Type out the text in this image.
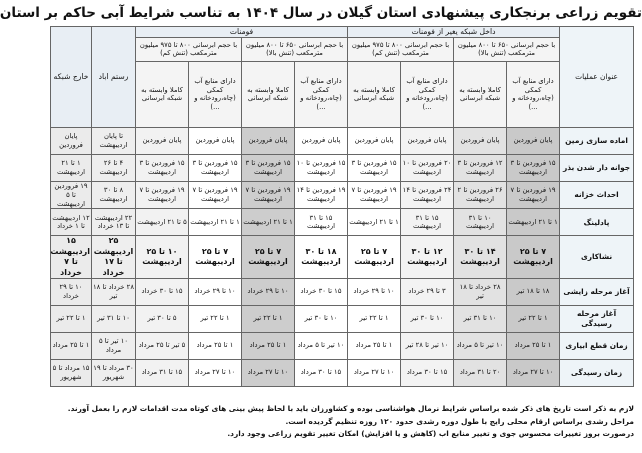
تقویم زراعی برنجکاری پیشنهادی استان گیلان در سال ۱۴۰۴ به تناسب شرایط آبی حاکم بر استان
عنوان عملیات	داخل شبکه یغیر از فومنات				فومنات				رستم اباد	خارج شبکه
	با حجم ابرسانی ۶۵۰ تا ۸۰۰ میلیون مترمکعب (تنش بالا)		با حجم ابرسانی ۸۰۰ تا ۹۷۵ میلیون مترمکعب (تنش کم)		با حجم ابرسانی ۶۵۰ تا ۸۰۰ میلیون مترمکعب (تنش بالا)		با حجم ابرسانی ۸۰۰ تا ۹۷۵ میلیون مترمکعب (تنش کم)			
	دارای منابع آب کمکی (چاه،رودخانه و ...)	کاملا وابسته به شبکه ابرسانی	دارای منابع آب کمکی (چاه،رودخانه و ...)	کاملا وابسته به شبکه ابرسانی	دارای منابع آب کمکی (چاه،رودخانه و ...)	کاملا وابسته به شبکه ابرسانی	دارای منابع آب کمکی (چاه،رودخانه و ...)	کاملا وابسته به شبکه ابرسانی		
اماده سازی زمین	پایان فروردین	پایان فروردین	پایان فروردین	پایان فروردین	پایان فروردین	پایان فروردین	پایان فروردین	پایان فروردین	تا پایان اردیبهشت	پایان فروردین
جوانه دار شدن بذر	۱۵ فروردین تا ۳ اردیبهشت	۱۲ فروردین تا ۳ اردیبهشت	۲۰ فروردین تا ۱۰ اردیبهشت	۱۵ فروردین تا ۳ اردیبهشت	۱۵ فروردین تا ۱۰ اردیبهشت	۱۵ فروردین تا ۳ اردیبهشت	۱۵ فروردین تا ۳ اردیبهشت	۱۵ فروردین تا ۳ اردیبهشت	۴ تا ۲۶ اردیبهشت	۱ تا ۲۱ اردیبهشت
احداث خزانه	۱۹ فروردین تا ۷ اردیبهشت	۲۶ فروردین تا ۲ اردیبهشت	۲۴ فروردین تا ۱۴ اردیبهشت	۱۹ فروردین تا ۷ اردیبهشت	۱۹ فروردین تا ۱۴ اردیبهشت	۱۹ فروردین تا ۷ اردیبهشت	۱۹ فروردین تا ۷ اردیبهشت	۱۹ فروردین تا ۷ اردیبهشت	۸ تا ۳۰ اردیبهشت	۱۹ فروردین تا ۵ اردیبهشت
پادلینگ	۱ تا ۲۱ اردیبهشت	۱۰ تا ۳۱ اردیبهشت	۱۵ تا ۳۱ اردیبهشت	۱ تا ۲۱ اردیبهشت	۱۵ تا ۳۱ اردیبهشت	۱ تا ۲۱ اردیبهشت	۱ تا ۲۱ اردیبهشت	۵ تا ۲۱ اردیبهشت	۲۲ اردیبهشت تا ۱۳ خرداد	۱۲ اردیبهشت تا ۱ خرداد
نشاکاری	۷ تا ۲۵ اردیبهشت	۱۴ تا ۳۰ اردیبهشت	۱۲ تا ۳۰ اردیبهشت	۷ تا ۲۵ اردیبهشت	۱۸ تا ۳۰ اردیبهشت	۷ تا ۲۵ اردیبهشت	۷ تا ۲۵ اردیبهشت	۱۰ تا ۲۵ اردیبهشت	۲۵ اردیبهشت تا ۱۷ خرداد	۱۵ اردیبهشت تا ۷ خرداد
آغاز مرحله زایشی	۱۸ تا ۱۸ تیر	۲۸ خرداد تا ۱۸ تیر	۳ تا ۲۹ خرداد	۱۰ تا ۲۹ خرداد	۱۵ تا ۳۰ خرداد	۱۰ تا ۲۹ خرداد	۱۰ تا ۲۹ خرداد	۱۵ تا ۳۰ خرداد	۲۸ خرداد تا ۱۸ تیر	۱۰ تا ۲۹ خرداد
آغاز مرحله رسیدگی	۱ تا ۲۲ تیر	۱۰ تا ۳۱ تیر	۱۰ تا ۳۰ تیر	۱ تا ۲۲ تیر	۱۰ تا ۳۰ تیر	۱ تا ۲۲ تیر	۱ تا ۲۲ تیر	۵ تا ۳۰ تیر	۱۰ تا ۳۱ تیر	۱ تا ۲۲ تیر
زمان قطع ابیاری	۱ تا ۲۵ مرداد	۱۰ تیر تا ۵ مرداد	۱۰ تیر تا ۲۸ تیر	۱ تا ۲۵ مرداد	۱۰ تیر تا ۵ مرداد	۱ تا ۲۵ مرداد	۱ تا ۲۵ مرداد	۵ تیر تا ۲۵ مرداد	۱۰ تیر تا ۵ مرداد	۱ تا ۲۵ مرداد
زمان رسیدگی	۱۰ تا ۲۷ مرداد	۲۰ تا ۳۱ مرداد	۱۵ تا ۳۰ مرداد	۱۰ تا ۲۷ مرداد	۱۵ تا ۳۰ مرداد	۱۰ تا ۲۷ مرداد	۱۰ تا ۲۷ مرداد	۱۵ تا ۳۱ مرداد	۳۰ مرداد تا ۱۹ شهریور	۱۵ مرداد تا ۵ شهریور
لازم به ذکر است تاریخ های ذکر شده براساس شرایط نرمال هواشناسی بوده و کشاورزان باید با لحاظ پیش بینی های کوتاه مدت اقدامات لازم را بعمل آورند.
مراحل رشدی براساس ارقام محلی رایج با طول دوره رشدی حدود ۱۲۰ روزه تنظیم گردیده است.
درصورت بروز تغییرات محسوس جوی و تغییر منابع اب (کاهش و یا افزایش) امکان تغییر تقویم زراعی وجود دارد.
